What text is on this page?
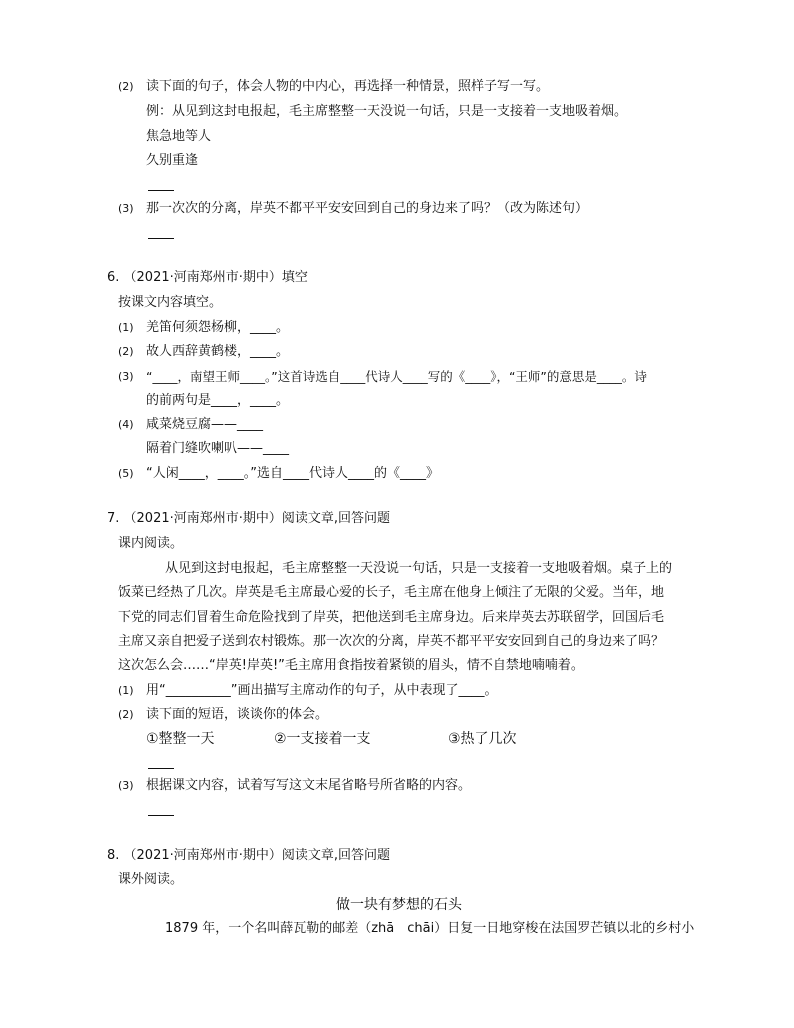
(2) 读下面的句子，体会人物的中内心，再选择一种情景，照样子写一写。
例：从见到这封电报起，毛主席整整一天没说一句话，只是一支接着一支地吸着烟。
焦急地等人
久别重逢
(3) 那一次次的分离，岸英不都平平安安回到自己的身边来了吗？（改为陈述句）
6. （2021·河南郑州市·期中）填空
按课文内容填空。
(1) 羌笛何须怨杨柳，____。
(2) 故人西辞黄鹤楼，____。
(3) “____，南望王师____。”这首诗选自____代诗人____写的《____》，“王师”的意思是____。诗
的前两句是____，____。
(4) 咸菜烧豆腐——____
隔着门缝吹喇叭——____
(5) “人闲____，____。”选自____代诗人____的《____》
7. （2021·河南郑州市·期中）阅读文章,回答问题
课内阅读。
从见到这封电报起，毛主席整整一天没说一句话，只是一支接着一支地吸着烟。桌子上的
饭菜已经热了几次。岸英是毛主席最心爱的长子，毛主席在他身上倾注了无限的父爱。当年，地
下党的同志们冒着生命危险找到了岸英，把他送到毛主席身边。后来岸英去苏联留学，回国后毛
主席又亲自把爱子送到农村锻炼。那一次次的分离，岸英不都平平安安回到自己的身边来了吗？
这次怎么会……“岸英!岸英!”毛主席用食指按着紧锁的眉头，情不自禁地喃喃着。
(1) 用“__________”画出描写主席动作的句子，从中表现了____。
(2) 读下面的短语，谈谈你的体会。
①整整一天	②一支接着一支	③热了几次
(3) 根据课文内容，试着写写这文末尾省略号所省略的内容。
8. （2021·河南郑州市·期中）阅读文章,回答问题
课外阅读。
做一块有梦想的石头
1879 年，一个名叫薛瓦勒的邮差（zhā　chāi）日复一日地穿梭在法国罗芒镇以北的乡村小
